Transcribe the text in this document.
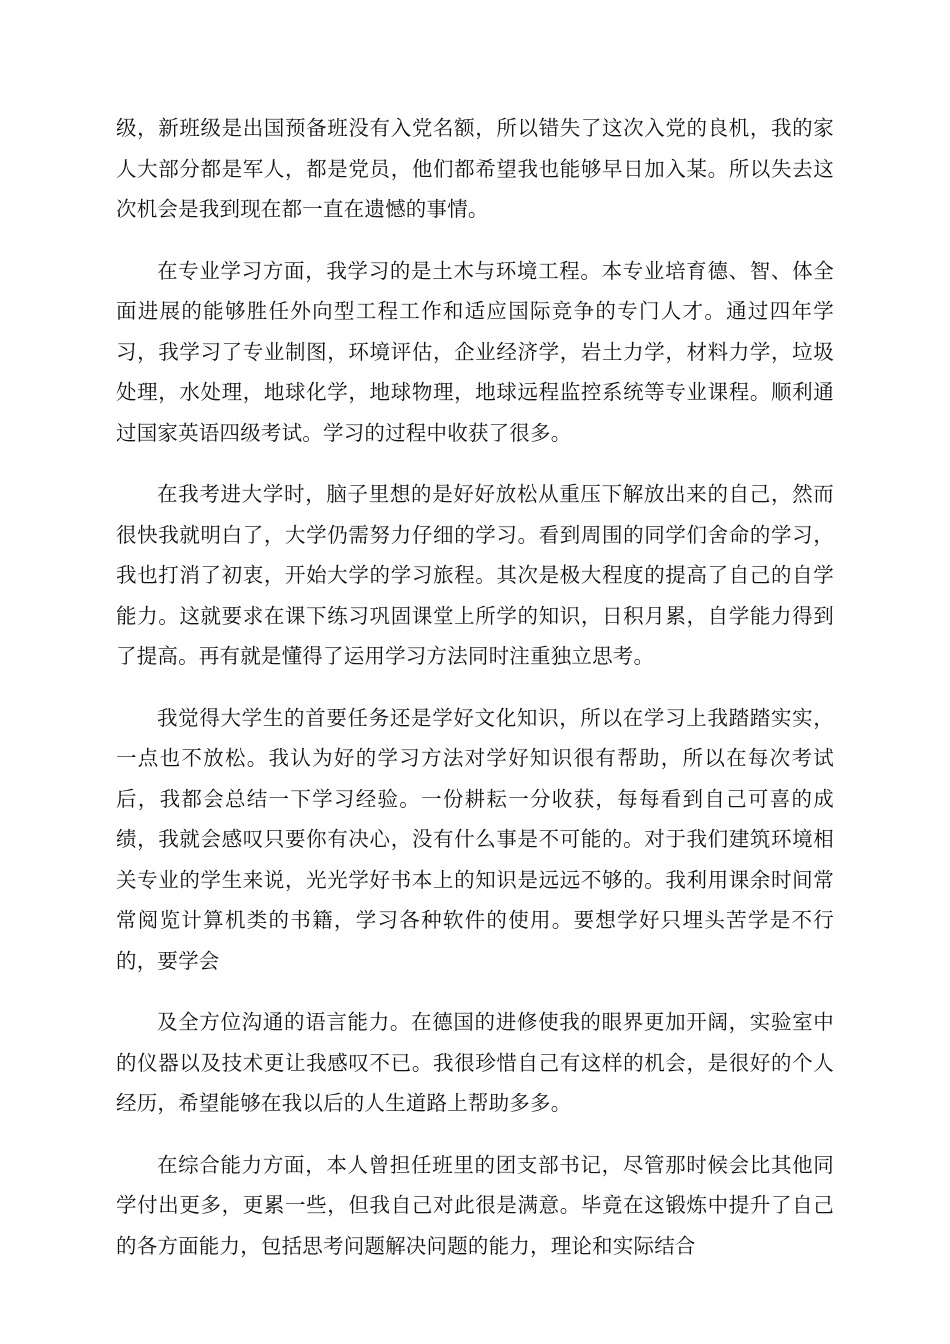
级，新班级是出国预备班没有入党名额，所以错失了这次入党的良机，我的家人大部分都是军人，都是党员，他们都希望我也能够早日加入某。所以失去这次机会是我到现在都一直在遗憾的事情。

在专业学习方面，我学习的是土木与环境工程。本专业培育德、智、体全面进展的能够胜任外向型工程工作和适应国际竞争的专门人才。通过四年学习，我学习了专业制图，环境评估，企业经济学，岩土力学，材料力学，垃圾处理，水处理，地球化学，地球物理，地球远程监控系统等专业课程。顺利通过国家英语四级考试。学习的过程中收获了很多。

在我考进大学时，脑子里想的是好好放松从重压下解放出来的自己，然而很快我就明白了，大学仍需努力仔细的学习。看到周围的同学们舍命的学习，我也打消了初衷，开始大学的学习旅程。其次是极大程度的提高了自己的自学能力。这就要求在课下练习巩固课堂上所学的知识，日积月累，自学能力得到了提高。再有就是懂得了运用学习方法同时注重独立思考。

我觉得大学生的首要任务还是学好文化知识，所以在学习上我踏踏实实，一点也不放松。我认为好的学习方法对学好知识很有帮助，所以在每次考试后，我都会总结一下学习经验。一份耕耘一分收获，每每看到自己可喜的成绩，我就会感叹只要你有决心，没有什么事是不可能的。对于我们建筑环境相关专业的学生来说，光光学好书本上的知识是远远不够的。我利用课余时间常常阅览计算机类的书籍，学习各种软件的使用。要想学好只埋头苦学是不行的，要学会

及全方位沟通的语言能力。在德国的进修使我的眼界更加开阔，实验室中的仪器以及技术更让我感叹不已。我很珍惜自己有这样的机会，是很好的个人经历，希望能够在我以后的人生道路上帮助多多。

在综合能力方面，本人曾担任班里的团支部书记，尽管那时候会比其他同学付出更多，更累一些，但我自己对此很是满意。毕竟在这锻炼中提升了自己的各方面能力，包括思考问题解决问题的能力，理论和实际结合
